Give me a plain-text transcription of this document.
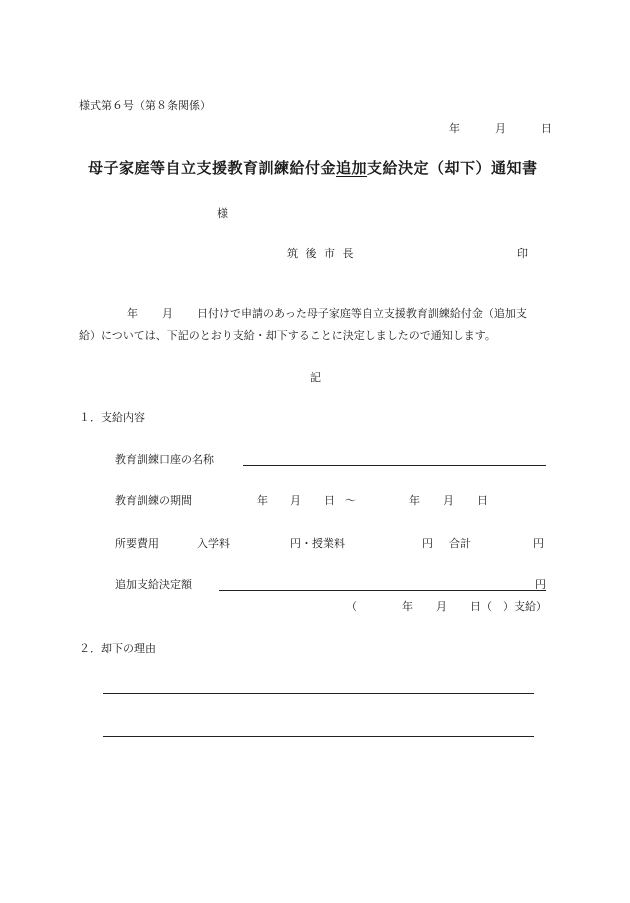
様式第６号（第８条関係）
年	月	日
母子家庭等自立支援教育訓練給付金追加支給決定（却下）通知書
様
筑 後 市 長	印
年 月 日付けで申請のあった母子家庭等自立支援教育訓練給付金（追加支
給）については、下記のとおり支給・却下することに決定しましたので通知します。
記
１．支給内容
教育訓練口座の名称
教育訓練の期間	年 月 日 ～	年 月 日
所要費用	入学料	円・授業料	円 合計	円
追加支給決定額	円
（	年 月 日（　）支給）
２．却下の理由
